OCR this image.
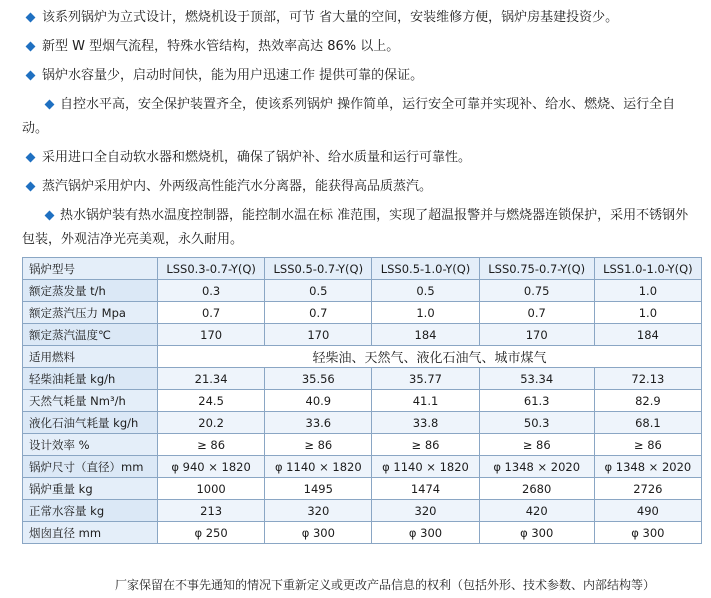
该系列锅炉为立式设计，燃烧机设于顶部，可节 省大量的空间，安装维修方便，锅炉房基建投资少。
新型 W 型烟气流程，特殊水管结构，热效率高达 86% 以上。
锅炉水容量少，启动时间快，能为用户迅速工作 提供可靠的保证。
自控水平高，安全保护装置齐全，使该系列锅炉 操作简单，运行安全可靠并实现补、给水、燃烧、运行全自动。
采用进口全自动软水器和燃烧机，确保了锅炉补、给水质量和运行可靠性。
蒸汽锅炉采用炉内、外两级高性能汽水分离器，能获得高品质蒸汽。
热水锅炉装有热水温度控制器，能控制水温在标 准范围，实现了超温报警并与燃烧器连锁保护，采用不锈钢外包装，外观洁净光亮美观，永久耐用。
锅炉型号	LSS0.3-0.7-Y(Q)	LSS0.5-0.7-Y(Q)	LSS0.5-1.0-Y(Q)	LSS0.75-0.7-Y(Q)	LSS1.0-1.0-Y(Q)
额定蒸发量 t/h	0.3	0.5	0.5	0.75	1.0
额定蒸汽压力 Mpa	0.7	0.7	1.0	0.7	1.0
额定蒸汽温度℃	170	170	184	170	184
适用燃料	轻柴油、天然气、液化石油气、城市煤气				
轻柴油耗量 kg/h	21.34	35.56	35.77	53.34	72.13
天然气耗量 Nm³/h	24.5	40.9	41.1	61.3	82.9
液化石油气耗量 kg/h	20.2	33.6	33.8	50.3	68.1
设计效率 %	≥ 86	≥ 86	≥ 86	≥ 86	≥ 86
锅炉尺寸（直径）mm	φ 940 × 1820	φ 1140 × 1820	φ 1140 × 1820	φ 1348 × 2020	φ 1348 × 2020
锅炉重量 kg	1000	1495	1474	2680	2726
正常水容量 kg	213	320	320	420	490
烟囱直径 mm	φ 250	φ 300	φ 300	φ 300	φ 300
厂家保留在不事先通知的情况下重新定义或更改产品信息的权利（包括外形、技术参数、内部结构等）
